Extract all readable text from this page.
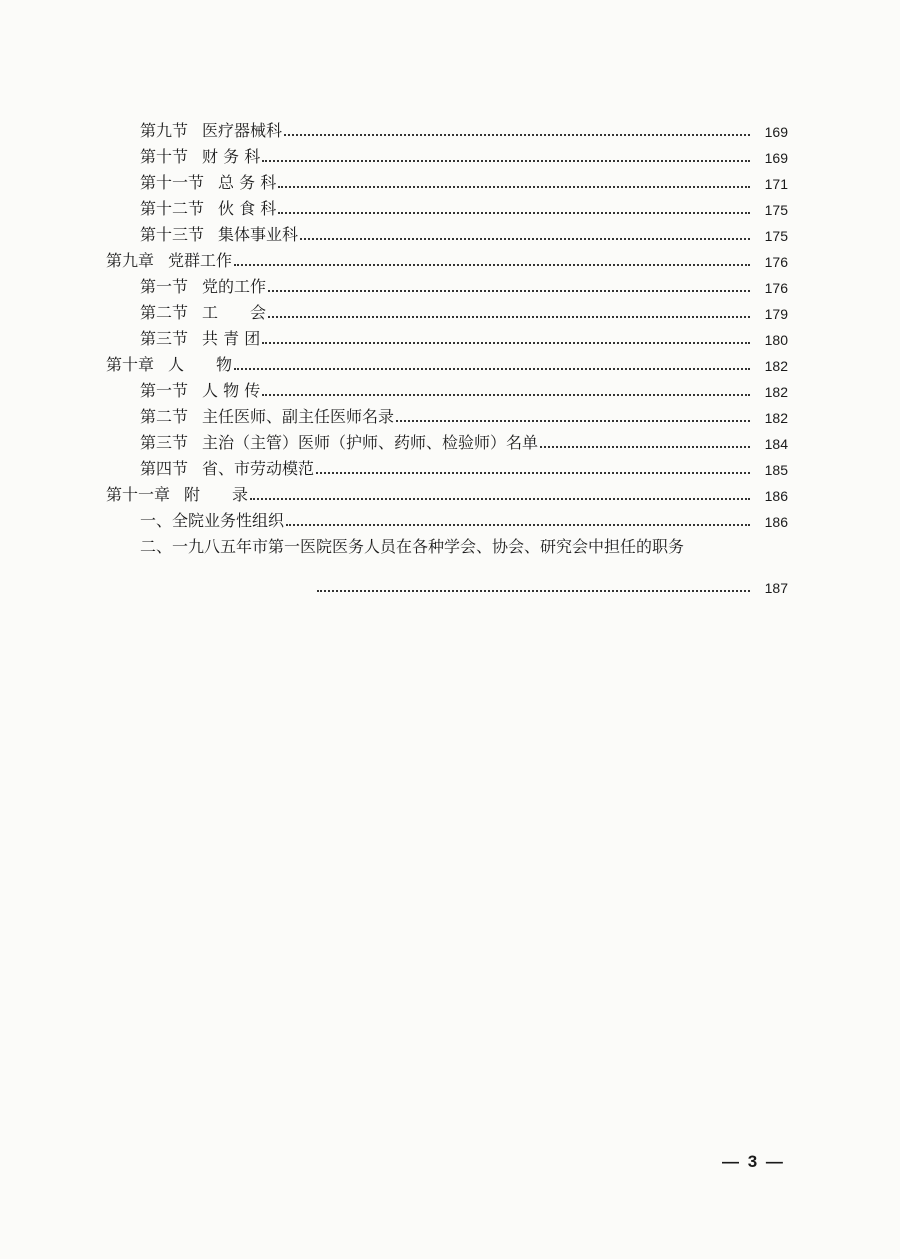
第九节 医疗器械科	169
第十节 财 务 科	169
第十一节 总 务 科	171
第十二节 伙 食 科	175
第十三节 集体事业科	175
第九章 党群工作	176
第一节 党的工作	176
第二节 工　　会	179
第三节 共 青 团	180
第十章 人　　物	182
第一节 人 物 传	182
第二节 主任医师、副主任医师名录	182
第三节 主治（主管）医师（护师、药师、检验师）名单	184
第四节 省、市劳动模范	185
第十一章 附　　录	186
一、全院业务性组织	186
二、一九八五年市第一医院医务人员在各种学会、协会、研究会中担任的职务
187
— 3 —
